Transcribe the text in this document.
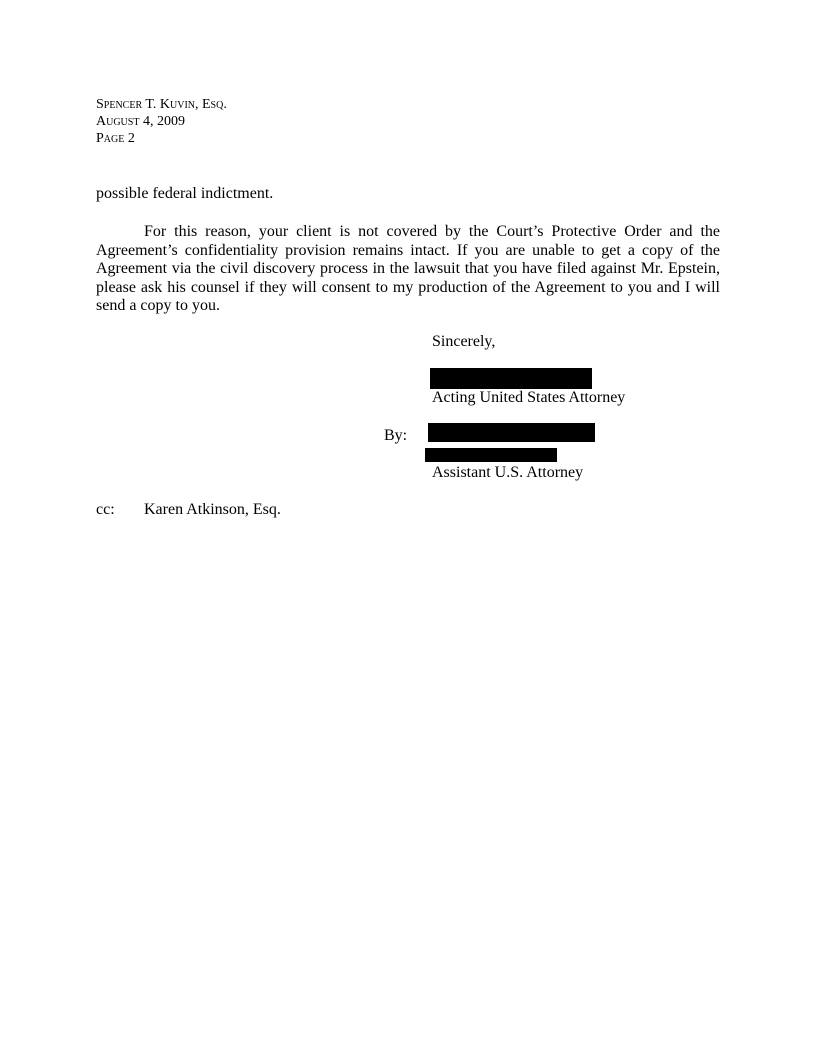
Spencer T. Kuvin, Esq.
August 4, 2009
Page 2
possible federal indictment.
For this reason, your client is not covered by the Court’s Protective Order and the Agreement’s confidentiality provision remains intact. If you are unable to get a copy of the Agreement via the civil discovery process in the lawsuit that you have filed against Mr. Epstein, please ask his counsel if they will consent to my production of the Agreement to you and I will send a copy to you.
Sincerely,
Acting United States Attorney
By:
Assistant U.S. Attorney
cc: Karen Atkinson, Esq.
